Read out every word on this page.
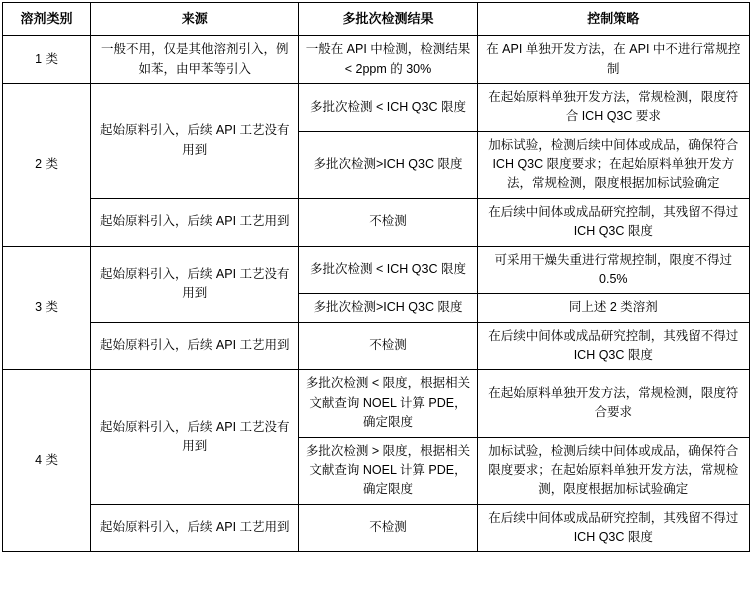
溶剂类别	来源	多批次检测结果	控制策略
1 类	一般不用，仅是其他溶剂引入，例如苯，由甲苯等引入	一般在 API 中检测，检测结果 < 2ppm 的 30%	在 API 单独开发方法，在 API 中不进行常规控制
2 类	起始原料引入，后续 API 工艺没有用到	多批次检测 < ICH Q3C 限度	在起始原料单独开发方法，常规检测，限度符合 ICH Q3C 要求
		多批次检测>ICH Q3C 限度	加标试验，检测后续中间体或成品，确保符合 ICH Q3C 限度要求；在起始原料单独开发方法，常规检测，限度根据加标试验确定
	起始原料引入，后续 API 工艺用到	不检测	在后续中间体或成品研究控制，其残留不得过 ICH Q3C 限度
3 类	起始原料引入，后续 API 工艺没有用到	多批次检测 < ICH Q3C 限度	可采用干燥失重进行常规控制，限度不得过 0.5%
		多批次检测>ICH Q3C 限度	同上述 2 类溶剂
	起始原料引入，后续 API 工艺用到	不检测	在后续中间体或成品研究控制，其残留不得过 ICH Q3C 限度
4 类	起始原料引入，后续 API 工艺没有用到	多批次检测 < 限度，根据相关文献查询 NOEL 计算 PDE，确定限度	在起始原料单独开发方法，常规检测，限度符合要求
		多批次检测 > 限度，根据相关文献查询 NOEL 计算 PDE，确定限度	加标试验，检测后续中间体或成品，确保符合限度要求；在起始原料单独开发方法，常规检测，限度根据加标试验确定
	起始原料引入，后续 API 工艺用到	不检测	在后续中间体或成品研究控制，其残留不得过 ICH Q3C 限度
